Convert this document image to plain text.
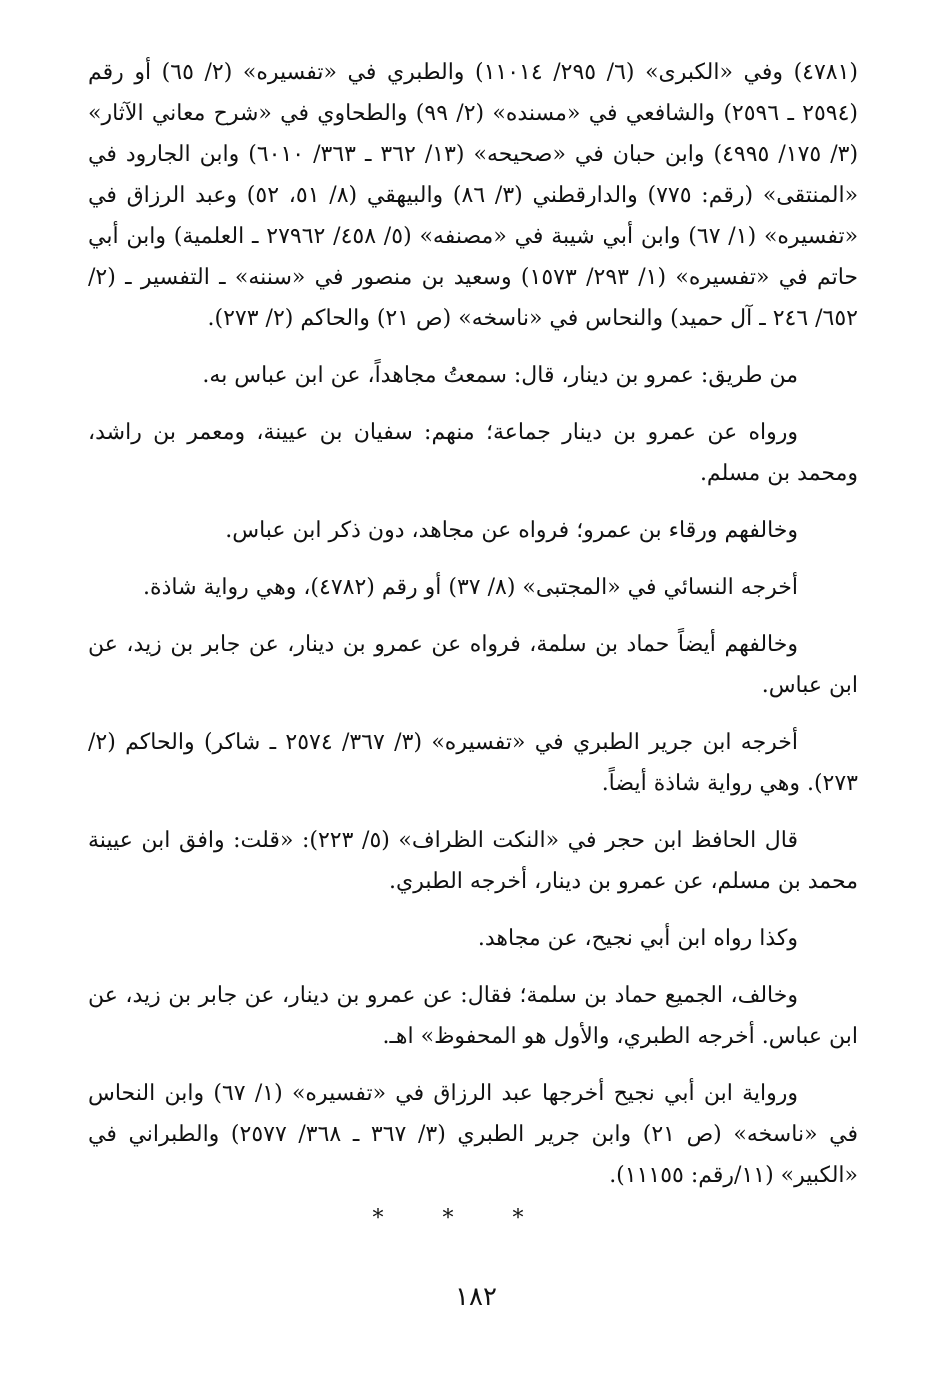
(٤٧٨١) وفي «الكبرى» (٦/ ٢٩٥/ ١١٠١٤) والطبري في «تفسيره» (٢/ ٦٥) أو رقم (٢٥٩٤ ـ ٢٥٩٦) والشافعي في «مسنده» (٢/ ٩٩) والطحاوي في «شرح معاني الآثار» (٣/ ١٧٥/ ٤٩٩٥) وابن حبان في «صحيحه» (١٣/ ٣٦٢ ـ ٣٦٣/ ٦٠١٠) وابن الجارود في «المنتقى» (رقم: ٧٧٥) والدارقطني (٣/ ٨٦) والبيهقي (٨/ ٥١، ٥٢) وعبد الرزاق في «تفسيره» (١/ ٦٧) وابن أبي شيبة في «مصنفه» (٥/ ٤٥٨/ ٢٧٩٦٢ ـ العلمية) وابن أبي حاتم في «تفسيره» (١/ ٢٩٣/ ١٥٧٣) وسعيد بن منصور في «سننه» ـ التفسير ـ (٢/ ٦٥٢/ ٢٤٦ ـ آل حميد) والنحاس في «ناسخه» (ص ٢١) والحاكم (٢/ ٢٧٣).

من طريق: عمرو بن دينار، قال: سمعتُ مجاهداً، عن ابن عباس به.

ورواه عن عمرو بن دينار جماعة؛ منهم: سفيان بن عيينة، ومعمر بن راشد، ومحمد بن مسلم.

وخالفهم ورقاء بن عمرو؛ فرواه عن مجاهد، دون ذكر ابن عباس.

أخرجه النسائي في «المجتبى» (٨/ ٣٧) أو رقم (٤٧٨٢)، وهي رواية شاذة.

وخالفهم أيضاً حماد بن سلمة، فرواه عن عمرو بن دينار، عن جابر بن زيد، عن ابن عباس.

أخرجه ابن جرير الطبري في «تفسيره» (٣/ ٣٦٧/ ٢٥٧٤ ـ شاكر) والحاكم (٢/ ٢٧٣). وهي رواية شاذة أيضاً.

قال الحافظ ابن حجر في «النكت الظراف» (٥/ ٢٢٣): «قلت: وافق ابن عيينة محمد بن مسلم، عن عمرو بن دينار، أخرجه الطبري.

وكذا رواه ابن أبي نجيح، عن مجاهد.

وخالف، الجميع حماد بن سلمة؛ فقال: عن عمرو بن دينار، عن جابر بن زيد، عن ابن عباس. أخرجه الطبري، والأول هو المحفوظ» اهـ.

ورواية ابن أبي نجيح أخرجها عبد الرزاق في «تفسيره» (١/ ٦٧) وابن النحاس في «ناسخه» (ص ٢١) وابن جرير الطبري (٣/ ٣٦٧ ـ ٣٦٨/ ٢٥٧٧) والطبراني في «الكبير» (١١/رقم: ١١١٥٥).

* * *
١٨٢
